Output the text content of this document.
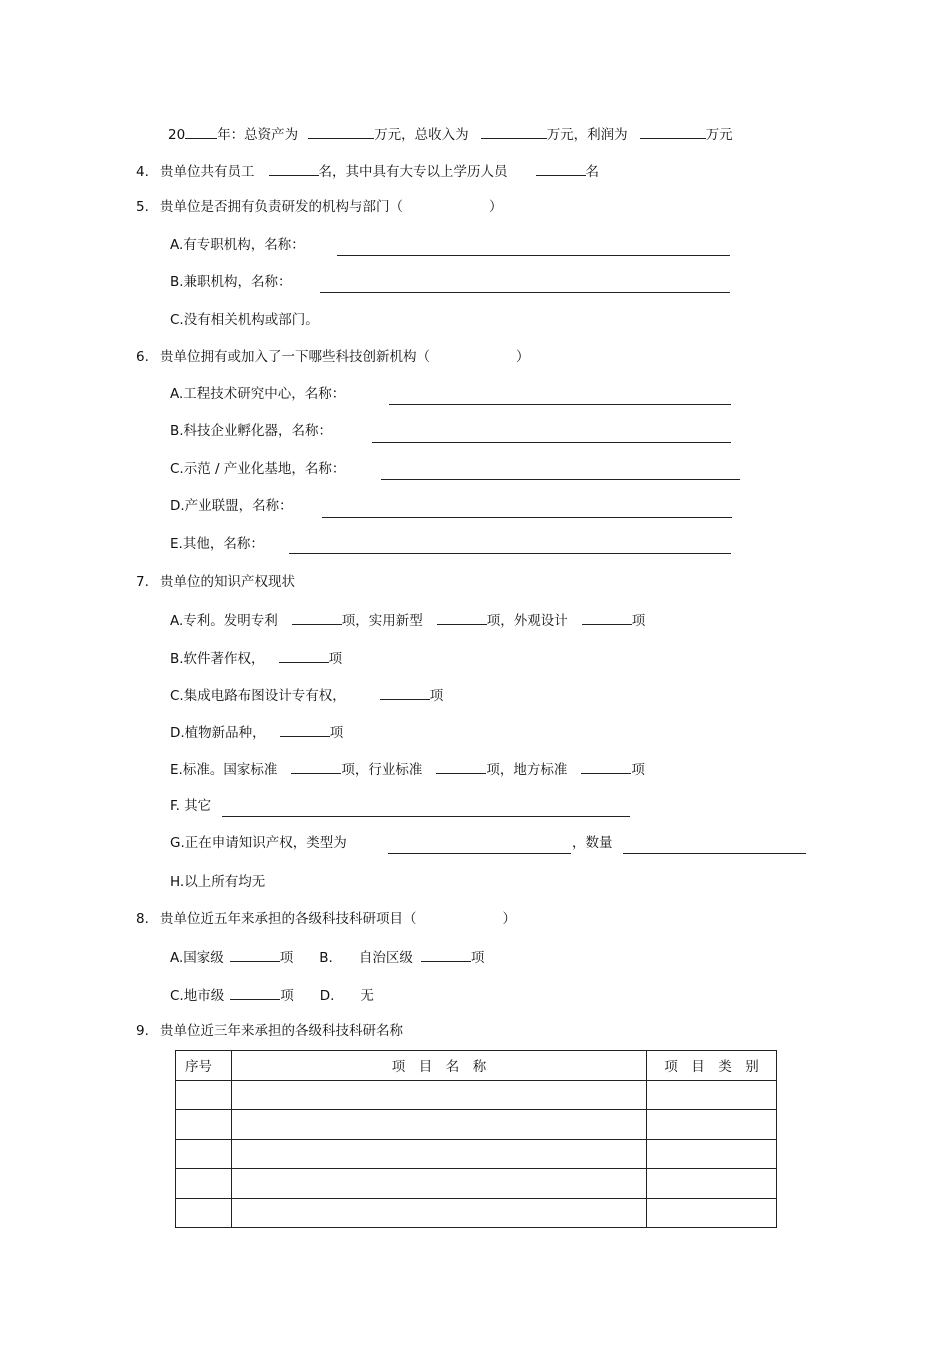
20 年：总资产为	万元，总收入为	万元，利润为	万元
4. 贵单位共有员工	名，其中具有大专以上学历人员	名
5. 贵单位是否拥有负责研发的机构与部门（	）
A.有专职机构，名称：
B.兼职机构，名称：
C.没有相关机构或部门。
6. 贵单位拥有或加入了一下哪些科技创新机构（	）
A.工程技术研究中心，名称：
B.科技企业孵化器，名称：
C.示范 / 产业化基地，名称：
D.产业联盟，名称：
E.其他，名称：
7. 贵单位的知识产权现状
A.专利。发明专利	项，实用新型	项，外观设计	项
B.软件著作权，	项
C.集成电路布图设计专有权，	项
D.植物新品种，	项
E.标准。国家标准	项，行业标准	项，地方标准	项
F. 其它
G.正在申请知识产权，类型为	，数量
H.以上所有均无
8. 贵单位近五年来承担的各级科技科研项目（	）
A.国家级	项 B. 自治区级	项
C.地市级	项 D. 无
9. 贵单位近三年来承担的各级科技科研名称
序号	项　目　名　称	项　目　类　别
